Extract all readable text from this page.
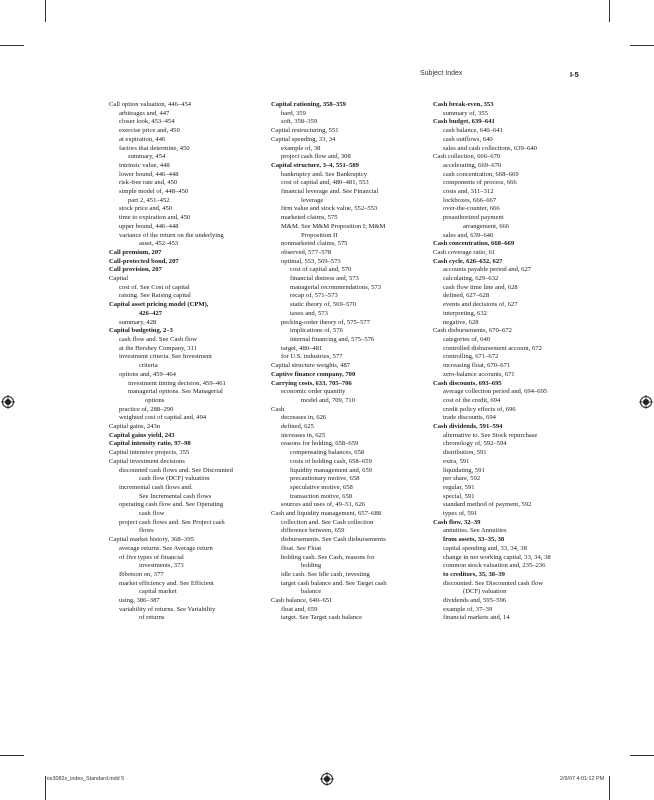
Subject Index	I-5
Call option valuation, 446–454
arbitrages and, 447
closer look, 453–454
exercise price and, 450
at expiration, 446
factors that determine, 450
summary, 454
intrinsic value, 448
lower bound, 446–448
risk-free rate and, 450
simple model of, 448–450
part 2, 451–452
stock price and, 450
time to expiration and, 450
upper bound, 446–448
variance of the return on the underlying
asset, 452–453
Call premium, 207
Call-protected bond, 207
Call provision, 207
Capital
cost of. See Cost of capital
raising. See Raising capital
Capital asset pricing model (CPM),
426–427
summary, 428
Capital budgeting, 2–3
cash flow and. See Cash flow
at the Hershey Company, 311
investment criteria. See Investment
criteria
options and, 459–464
investment timing decision, 459–461
managerial options. See Managerial
options
practice of, 288–290
weighted cost of capital and, 494
Capital gains, 243n
Capital gains yield, 243
Capital intensity ratio, 97–98
Capital intensive projects, 355
Capital investment decisions
discounted cash flows and. See Discounted
cash flow (DCF) valuation
incremental cash flows and.
See Incremental cash flows
operating cash flow and. See Operating
cash flow
project cash flows and. See Project cash
flows
Capital market history, 368–395
average returns. See Average return
of five types of financial
investments, 373
Ibbotson on, 377
market efficiency and. See Efficient
capital market
using, 386–387
variability of returns. See Variability
of returns
Capital rationing, 358–359
hard, 359
soft, 358–359
Capital restructuring, 551
Capital spending, 33, 34
example of, 38
project cash flow and, 308
Capital structure, 3–4, 551–589
bankruptcy and. See Bankruptcy
cost of capital and, 480–481, 553
financial leverage and. See Financial
leverage
firm value and stock value, 552–553
marketed claims, 575
M&M. See M&M Proposition I; M&M
Proposition II
nonmarketed claims, 575
observed, 577–578
optimal, 553, 569–573
cost of capital and, 570
financial distress and, 573
managerial recommendations, 573
recap of, 571–573
static theory of, 569–570
taxes and, 573
pecking-order theory of, 575–577
implications of, 576
internal financing and, 575–576
target, 480–481
for U.S. industries, 577
Capital structure weights, 487
Captive finance company, 700
Carrying costs, 633, 705–706
economic order quantity
model and, 709, 710
Cash
decreases in, 626
defined, 625
increases in, 625
reasons for holding, 658–659
compensating balances, 658
costs of holding cash, 658–659
liquidity management and, 659
precautionary motive, 658
speculative motive, 658
transaction motive, 658
sources and uses of, 49–51, 626
Cash and liquidity management, 657–688
collection and. See Cash collection
difference between, 659
disbursements. See Cash disbursements
float. See Float
holding cash. See Cash, reasons for
holding
idle cash. See Idle cash, investing
target cash balance and. See Target cash
balance
Cash balance, 640–651
float and, 659
target. See Target cash balance
Cash break-even, 353
summary of, 355
Cash budget, 639–641
cash balance, 640–641
cash outflows, 640
sales and cash collections, 639–640
Cash collection, 666–670
accelerating, 669–670
cash concentration, 668–669
components of process, 666
costs and, 311–312
lockboxes, 666–667
over-the-counter, 666
preauthorized payment
arrangement, 666
sales and, 639–640
Cash concentration, 668–669
Cash coverage ratio, 61
Cash cycle, 626–632, 627
accounts payable period and, 627
calculating, 629–632
cash flow time line and, 628
defined, 627–628
events and decisions of, 627
interpreting, 632
negative, 628
Cash disbursements, 670–672
categories of, 640
controlled disbursement account, 672
controlling, 671–672
increasing float, 670–671
zero-balance accounts, 671
Cash discounts, 693–695
average collection period and, 694–695
cost of the credit, 694
credit policy effects of, 696
trade discounts, 694
Cash dividends, 591–594
alternative to. See Stock repurchase
chronology of, 592–594
distribution, 591
extra, 591
liquidating, 591
per share, 592
regular, 591
special, 591
standard method of payment, 592
types of, 591
Cash flow, 32–39
annuities. See Annuities
from assets, 33–35, 38
capital spending and, 33, 34, 38
change in net working capital, 33, 34, 38
common stock valuation and, 235–236
to creditors, 35, 38–39
discounted. See Discounted cash flow
(DCF) valuation
dividends and, 595–596
example of, 37–39
financial markets and, 14
ros3082x_index_Standard.indd 5	2/9/07 4:01:12 PM
